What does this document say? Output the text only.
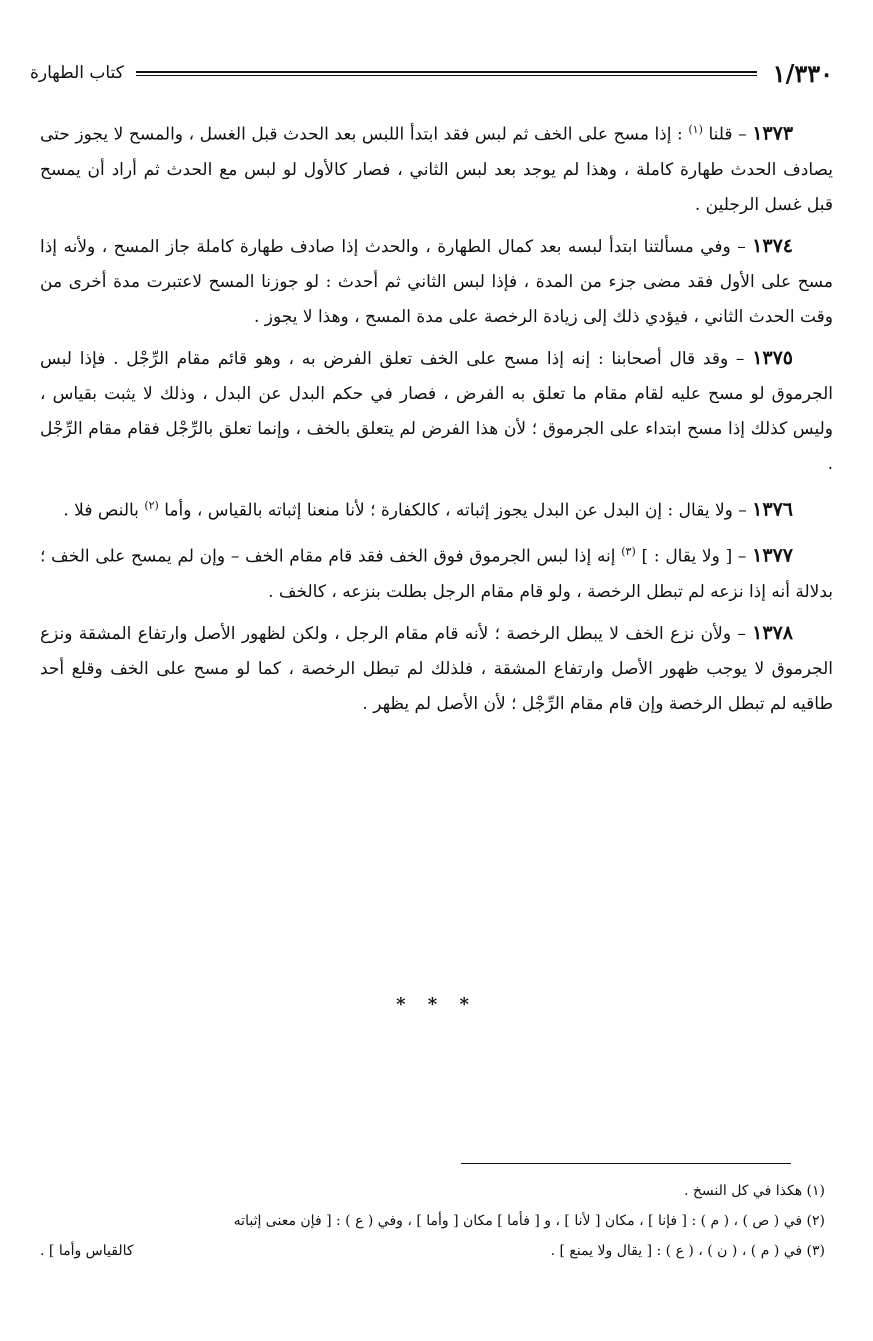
١/٣٣٠
كتاب الطهارة

١٣٧٣ – قلنا $^{(١)}$ : إذا مسح على الخف ثم لبس فقد ابتدأ اللبس بعد الحدث قبل الغسل ، والمسح لا يجوز حتى يصادف الحدث طهارة كاملة ، وهذا لم يوجد بعد لبس الثاني ، فصار كالأول لو لبس مع الحدث ثم أراد أن يمسح قبل غسل الرجلين .

١٣٧٤ – وفي مسألتنا ابتدأ لبسه بعد كمال الطهارة ، والحدث إذا صادف طهارة كاملة جاز المسح ، ولأنه إذا مسح على الأول فقد مضى جزء من المدة ، فإذا لبس الثاني ثم أحدث : لو جوزنا المسح لاعتبرت مدة أخرى من وقت الحدث الثاني ، فيؤدي ذلك إلى زيادة الرخصة على مدة المسح ، وهذا لا يجوز .

١٣٧٥ – وقد قال أصحابنا : إنه إذا مسح على الخف تعلق الفرض به ، وهو قائم مقام الرِّجْل . فإذا لبس الجرموق لو مسح عليه لقام مقام ما تعلق به الفرض ، فصار في حكم البدل عن البدل ، وذلك لا يثبت بقياس ، وليس كذلك إذا مسح ابتداء على الجرموق ؛ لأن هذا الفرض لم يتعلق بالخف ، وإنما تعلق بالرِّجْل فقام مقام الرِّجْل .

١٣٧٦ – ولا يقال : إن البدل عن البدل يجوز إثباته ، كالكفارة ؛ لأنا منعنا إثباته بالقياس ، وأما $^{(٢)}$ بالنص فلا .

١٣٧٧ – [ ولا يقال : ] $^{(٣)}$ إنه إذا لبس الجرموق فوق الخف فقد قام مقام الخف – وإن لم يمسح على الخف ؛ بدلالة أنه إذا نزعه لم تبطل الرخصة ، ولو قام مقام الرجل بطلت بنزعه ، كالخف .

١٣٧٨ – ولأن نزع الخف لا يبطل الرخصة ؛ لأنه قام مقام الرجل ، ولكن لظهور الأصل وارتفاع المشقة ونزع الجرموق لا يوجب ظهور الأصل وارتفاع المشقة ، فلذلك لم تبطل الرخصة ، كما لو مسح على الخف وقلع أحد طاقيه لم تبطل الرخصة وإن قام مقام الرِّجْل ؛ لأن الأصل لم يظهر .

* * *

(١) هكذا في كل النسخ .

(٢) في ( ص ) ، ( م ) : [ فإنا ] ، مكان [ لأنا ] ، و [ فأما ] مكان [ وأما ] ، وفي ( ع ) : [ فإن معنى إثباته

(٣) في ( م ) ، ( ن ) ، ( ع ) : [ يقال ولا يمنع ] .
كالقياس وأما ] .
